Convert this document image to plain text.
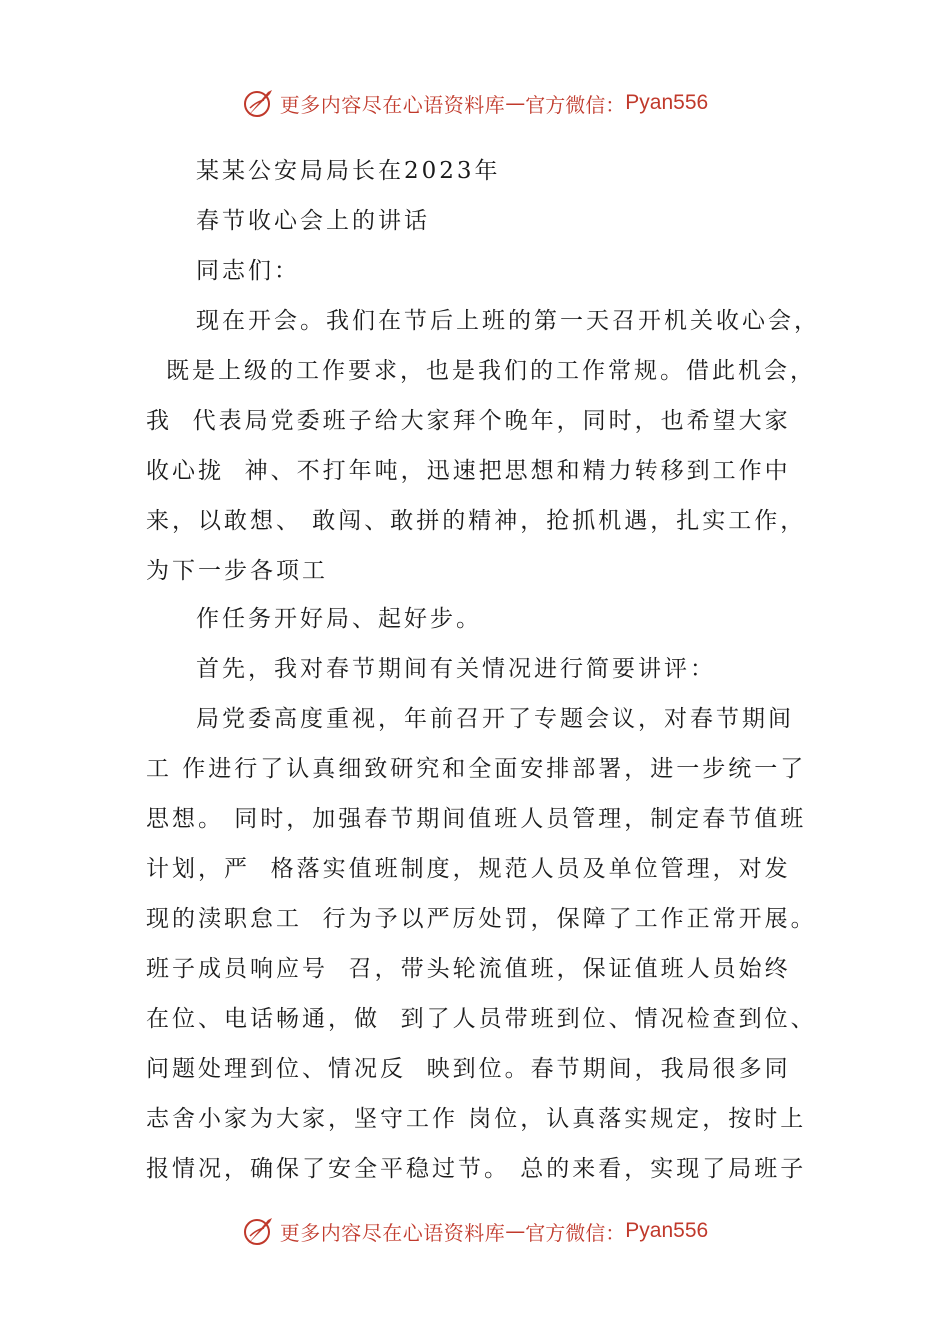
更多内容尽在心语资料库 — 官方微信： Pyan556
某某公安局局长在2023年
春节收心会上的讲话
同志们：
现在开会。我们在节后上班的第一天召开机关收心会，
既是上级的工作要求，也是我们的工作常规。借此机会，
我  代表局党委班子给大家拜个晚年，同时，也希望大家
收心拢  神、不打年吨，迅速把思想和精力转移到工作中
来，以敢想、 敢闯、敢拼的精神，抢抓机遇，扎实工作，
为下一步各项工
作任务开好局、起好步。
首先，我对春节期间有关情况进行简要讲评：
局党委高度重视，年前召开了专题会议，对春节期间
工 作进行了认真细致研究和全面安排部署，进一步统一了
思想。 同时，加强春节期间值班人员管理，制定春节值班
计划，严  格落实值班制度，规范人员及单位管理，对发
现的渎职怠工  行为予以严厉处罚，保障了工作正常开展。
班子成员响应号  召，带头轮流值班，保证值班人员始终
在位、电话畅通，做  到了人员带班到位、情况检查到位、
问题处理到位、情况反  映到位。春节期间，我局很多同
志舍小家为大家，坚守工作 岗位，认真落实规定，按时上
报情况，确保了安全平稳过节。 总的来看，实现了局班子
更多内容尽在心语资料库 — 官方微信： Pyan556
